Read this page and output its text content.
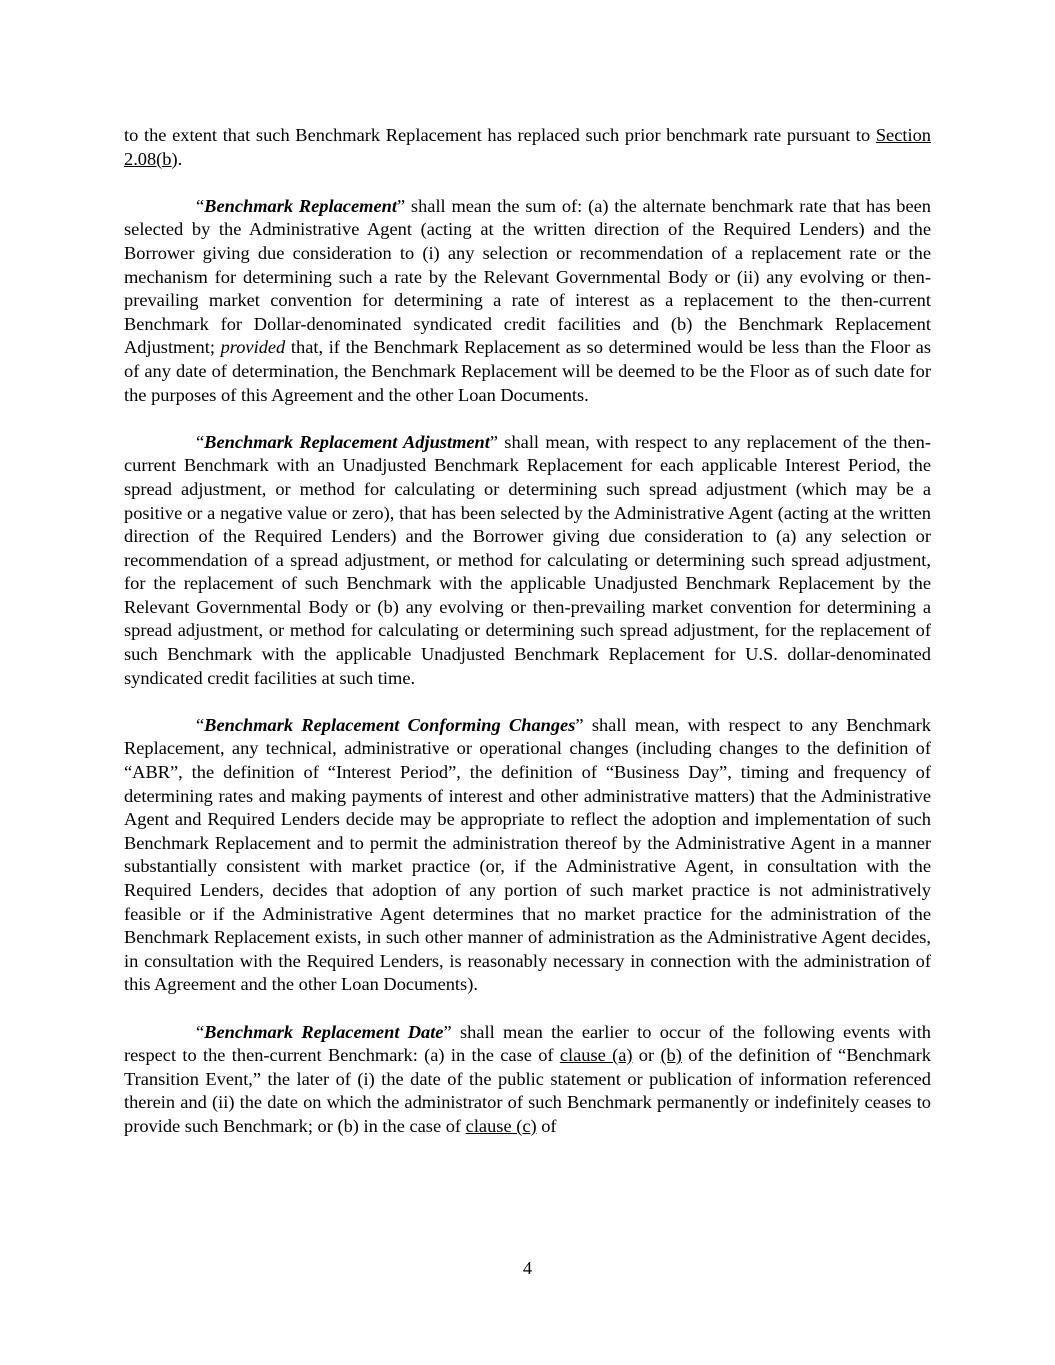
to the extent that such Benchmark Replacement has replaced such prior benchmark rate pursuant to Section 2.08(b).

“Benchmark Replacement” shall mean the sum of: (a) the alternate benchmark rate that has been selected by the Administrative Agent (acting at the written direction of the Required Lenders) and the Borrower giving due consideration to (i) any selection or recommendation of a replacement rate or the mechanism for determining such a rate by the Relevant Governmental Body or (ii) any evolving or then-prevailing market convention for determining a rate of interest as a replacement to the then-current Benchmark for Dollar-denominated syndicated credit facilities and (b) the Benchmark Replacement Adjustment; provided that, if the Benchmark Replacement as so determined would be less than the Floor as of any date of determination, the Benchmark Replacement will be deemed to be the Floor as of such date for the purposes of this Agreement and the other Loan Documents.

“Benchmark Replacement Adjustment” shall mean, with respect to any replacement of the then-current Benchmark with an Unadjusted Benchmark Replacement for each applicable Interest Period, the spread adjustment, or method for calculating or determining such spread adjustment (which may be a positive or a negative value or zero), that has been selected by the Administrative Agent (acting at the written direction of the Required Lenders) and the Borrower giving due consideration to (a) any selection or recommendation of a spread adjustment, or method for calculating or determining such spread adjustment, for the replacement of such Benchmark with the applicable Unadjusted Benchmark Replacement by the Relevant Governmental Body or (b) any evolving or then-prevailing market convention for determining a spread adjustment, or method for calculating or determining such spread adjustment, for the replacement of such Benchmark with the applicable Unadjusted Benchmark Replacement for U.S. dollar-denominated syndicated credit facilities at such time.

“Benchmark Replacement Conforming Changes” shall mean, with respect to any Benchmark Replacement, any technical, administrative or operational changes (including changes to the definition of “ABR”, the definition of “Interest Period”, the definition of “Business Day”, timing and frequency of determining rates and making payments of interest and other administrative matters) that the Administrative Agent and Required Lenders decide may be appropriate to reflect the adoption and implementation of such Benchmark Replacement and to permit the administration thereof by the Administrative Agent in a manner substantially consistent with market practice (or, if the Administrative Agent, in consultation with the Required Lenders, decides that adoption of any portion of such market practice is not administratively feasible or if the Administrative Agent determines that no market practice for the administration of the Benchmark Replacement exists, in such other manner of administration as the Administrative Agent decides, in consultation with the Required Lenders, is reasonably necessary in connection with the administration of this Agreement and the other Loan Documents).

“Benchmark Replacement Date” shall mean the earlier to occur of the following events with respect to the then-current Benchmark: (a) in the case of clause (a) or (b) of the definition of “Benchmark Transition Event,” the later of (i) the date of the public statement or publication of information referenced therein and (ii) the date on which the administrator of such Benchmark permanently or indefinitely ceases to provide such Benchmark; or (b) in the case of clause (c) of

4
